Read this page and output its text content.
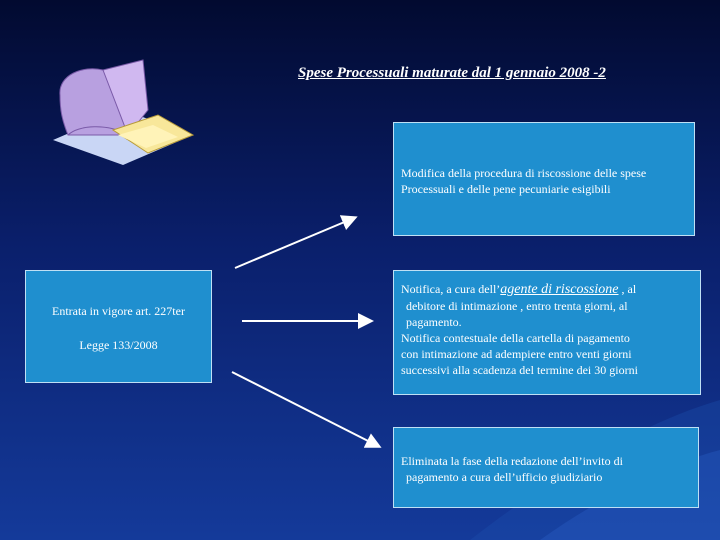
Spese Processuali maturate dal 1 gennaio 2008 -2
Entrata in vigore art. 227ter
Legge 133/2008
Modifica della procedura di riscossione delle spese
Processuali e delle pene pecuniarie esigibili
Notifica, a cura dell’agente di riscossione , al
debitore di intimazione , entro trenta giorni, al
pagamento.
Notifica contestuale della cartella di pagamento
con intimazione ad adempiere entro venti giorni
successivi alla scadenza del termine dei 30 giorni
Eliminata la fase della redazione dell’invito di
pagamento a cura dell’ufficio giudiziario
